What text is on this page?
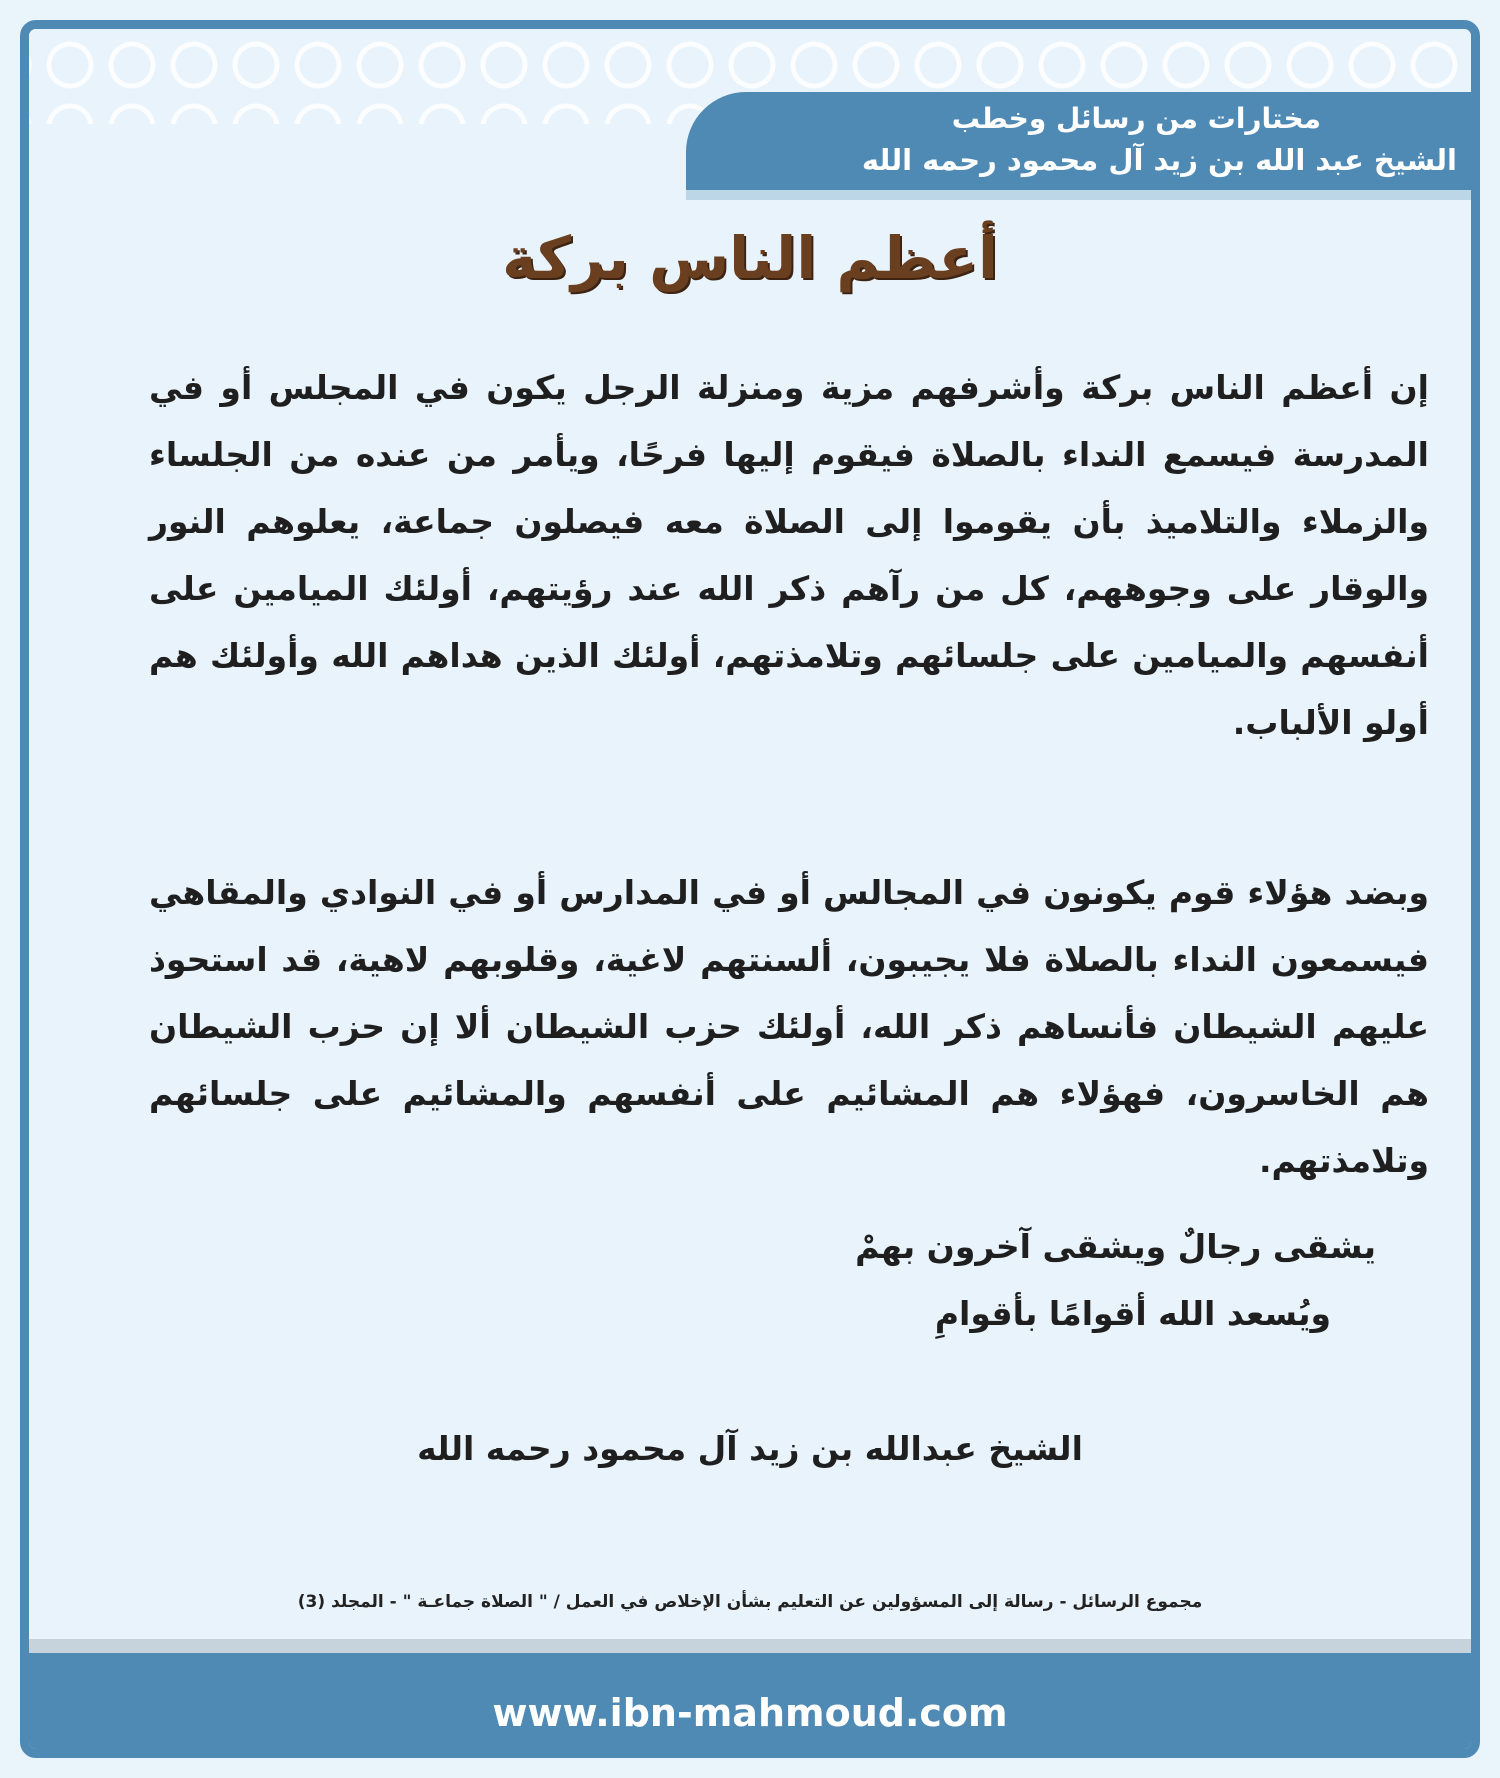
مختارات من رسائل وخطب
الشيخ عبد الله بن زيد آل محمود رحمه الله
أعظم الناس بركة
إن أعظم الناس بركة وأشرفهم مزية ومنزلة الرجل يكون في المجلس أو في المدرسة فيسمع النداء بالصلاة فيقوم إليها فرحًا، ويأمر من عنده من الجلساء والزملاء والتلاميذ بأن يقوموا إلى الصلاة معه فيصلون جماعة، يعلوهم النور والوقار على وجوههم، كل من رآهم ذكر الله عند رؤيتهم، أولئك الميامين على أنفسهم والميامين على جلسائهم وتلامذتهم، أولئك الذين هداهم الله وأولئك هم أولو الألباب.
وبضد هؤلاء قوم يكونون في المجالس أو في المدارس أو في النوادي والمقاهي فيسمعون النداء بالصلاة فلا يجيبون، ألسنتهم لاغية، وقلوبهم لاهية، قد استحوذ عليهم الشيطان فأنساهم ذكر الله، أولئك حزب الشيطان ألا إن حزب الشيطان هم الخاسرون، فهؤلاء هم المشائيم على أنفسهم والمشائيم على جلسائهم وتلامذتهم.
يشقى رجالٌ ويشقى آخرون بهمْ
ويُسعد الله أقوامًا بأقوامِ
الشيخ عبدالله بن زيد آل محمود رحمه الله
مجموع الرسائل - رسالة إلى المسؤولين عن التعليم بشأن الإخلاص في العمل / " الصلاة جماعـة " - المجلد (3)
www.ibn-mahmoud.com
